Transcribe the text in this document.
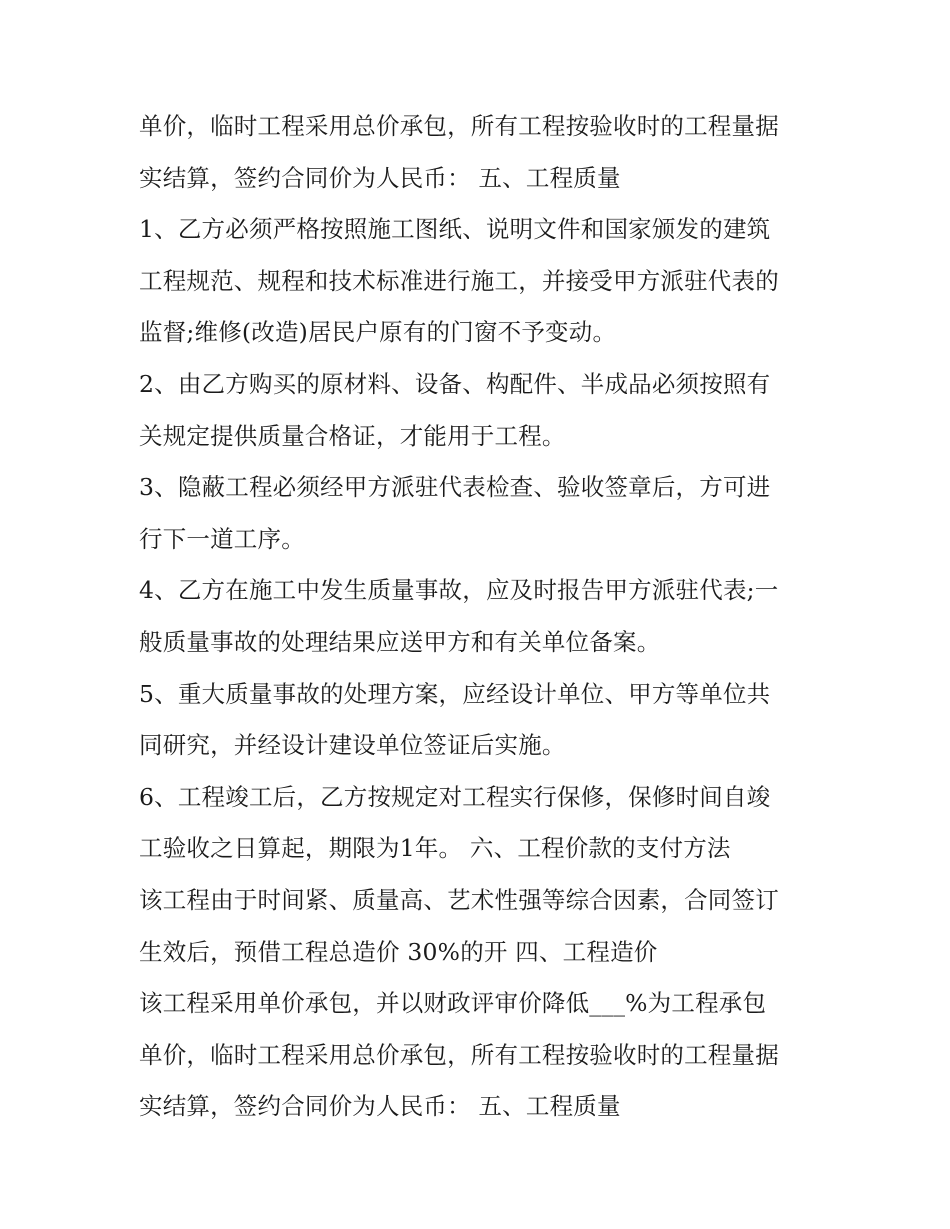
单价，临时工程采用总价承包，所有工程按验收时的工程量据
实结算，签约合同价为人民币： 五、工程质量
1、乙方必须严格按照施工图纸、说明文件和国家颁发的建筑
工程规范、规程和技术标准进行施工，并接受甲方派驻代表的
监督;维修(改造)居民户原有的门窗不予变动。
2、由乙方购买的原材料、设备、构配件、半成品必须按照有
关规定提供质量合格证，才能用于工程。
3、隐蔽工程必须经甲方派驻代表检查、验收签章后，方可进
行下一道工序。
4、乙方在施工中发生质量事故，应及时报告甲方派驻代表;一
般质量事故的处理结果应送甲方和有关单位备案。
5、重大质量事故的处理方案，应经设计单位、甲方等单位共
同研究，并经设计建设单位签证后实施。
6、工程竣工后，乙方按规定对工程实行保修，保修时间自竣
工验收之日算起，期限为1年。 六、工程价款的支付方法
该工程由于时间紧、质量高、艺术性强等综合因素，合同签订
生效后，预借工程总造价 30%的开 四、工程造价
该工程采用单价承包，并以财政评审价降低___%为工程承包
单价，临时工程采用总价承包，所有工程按验收时的工程量据
实结算，签约合同价为人民币： 五、工程质量
